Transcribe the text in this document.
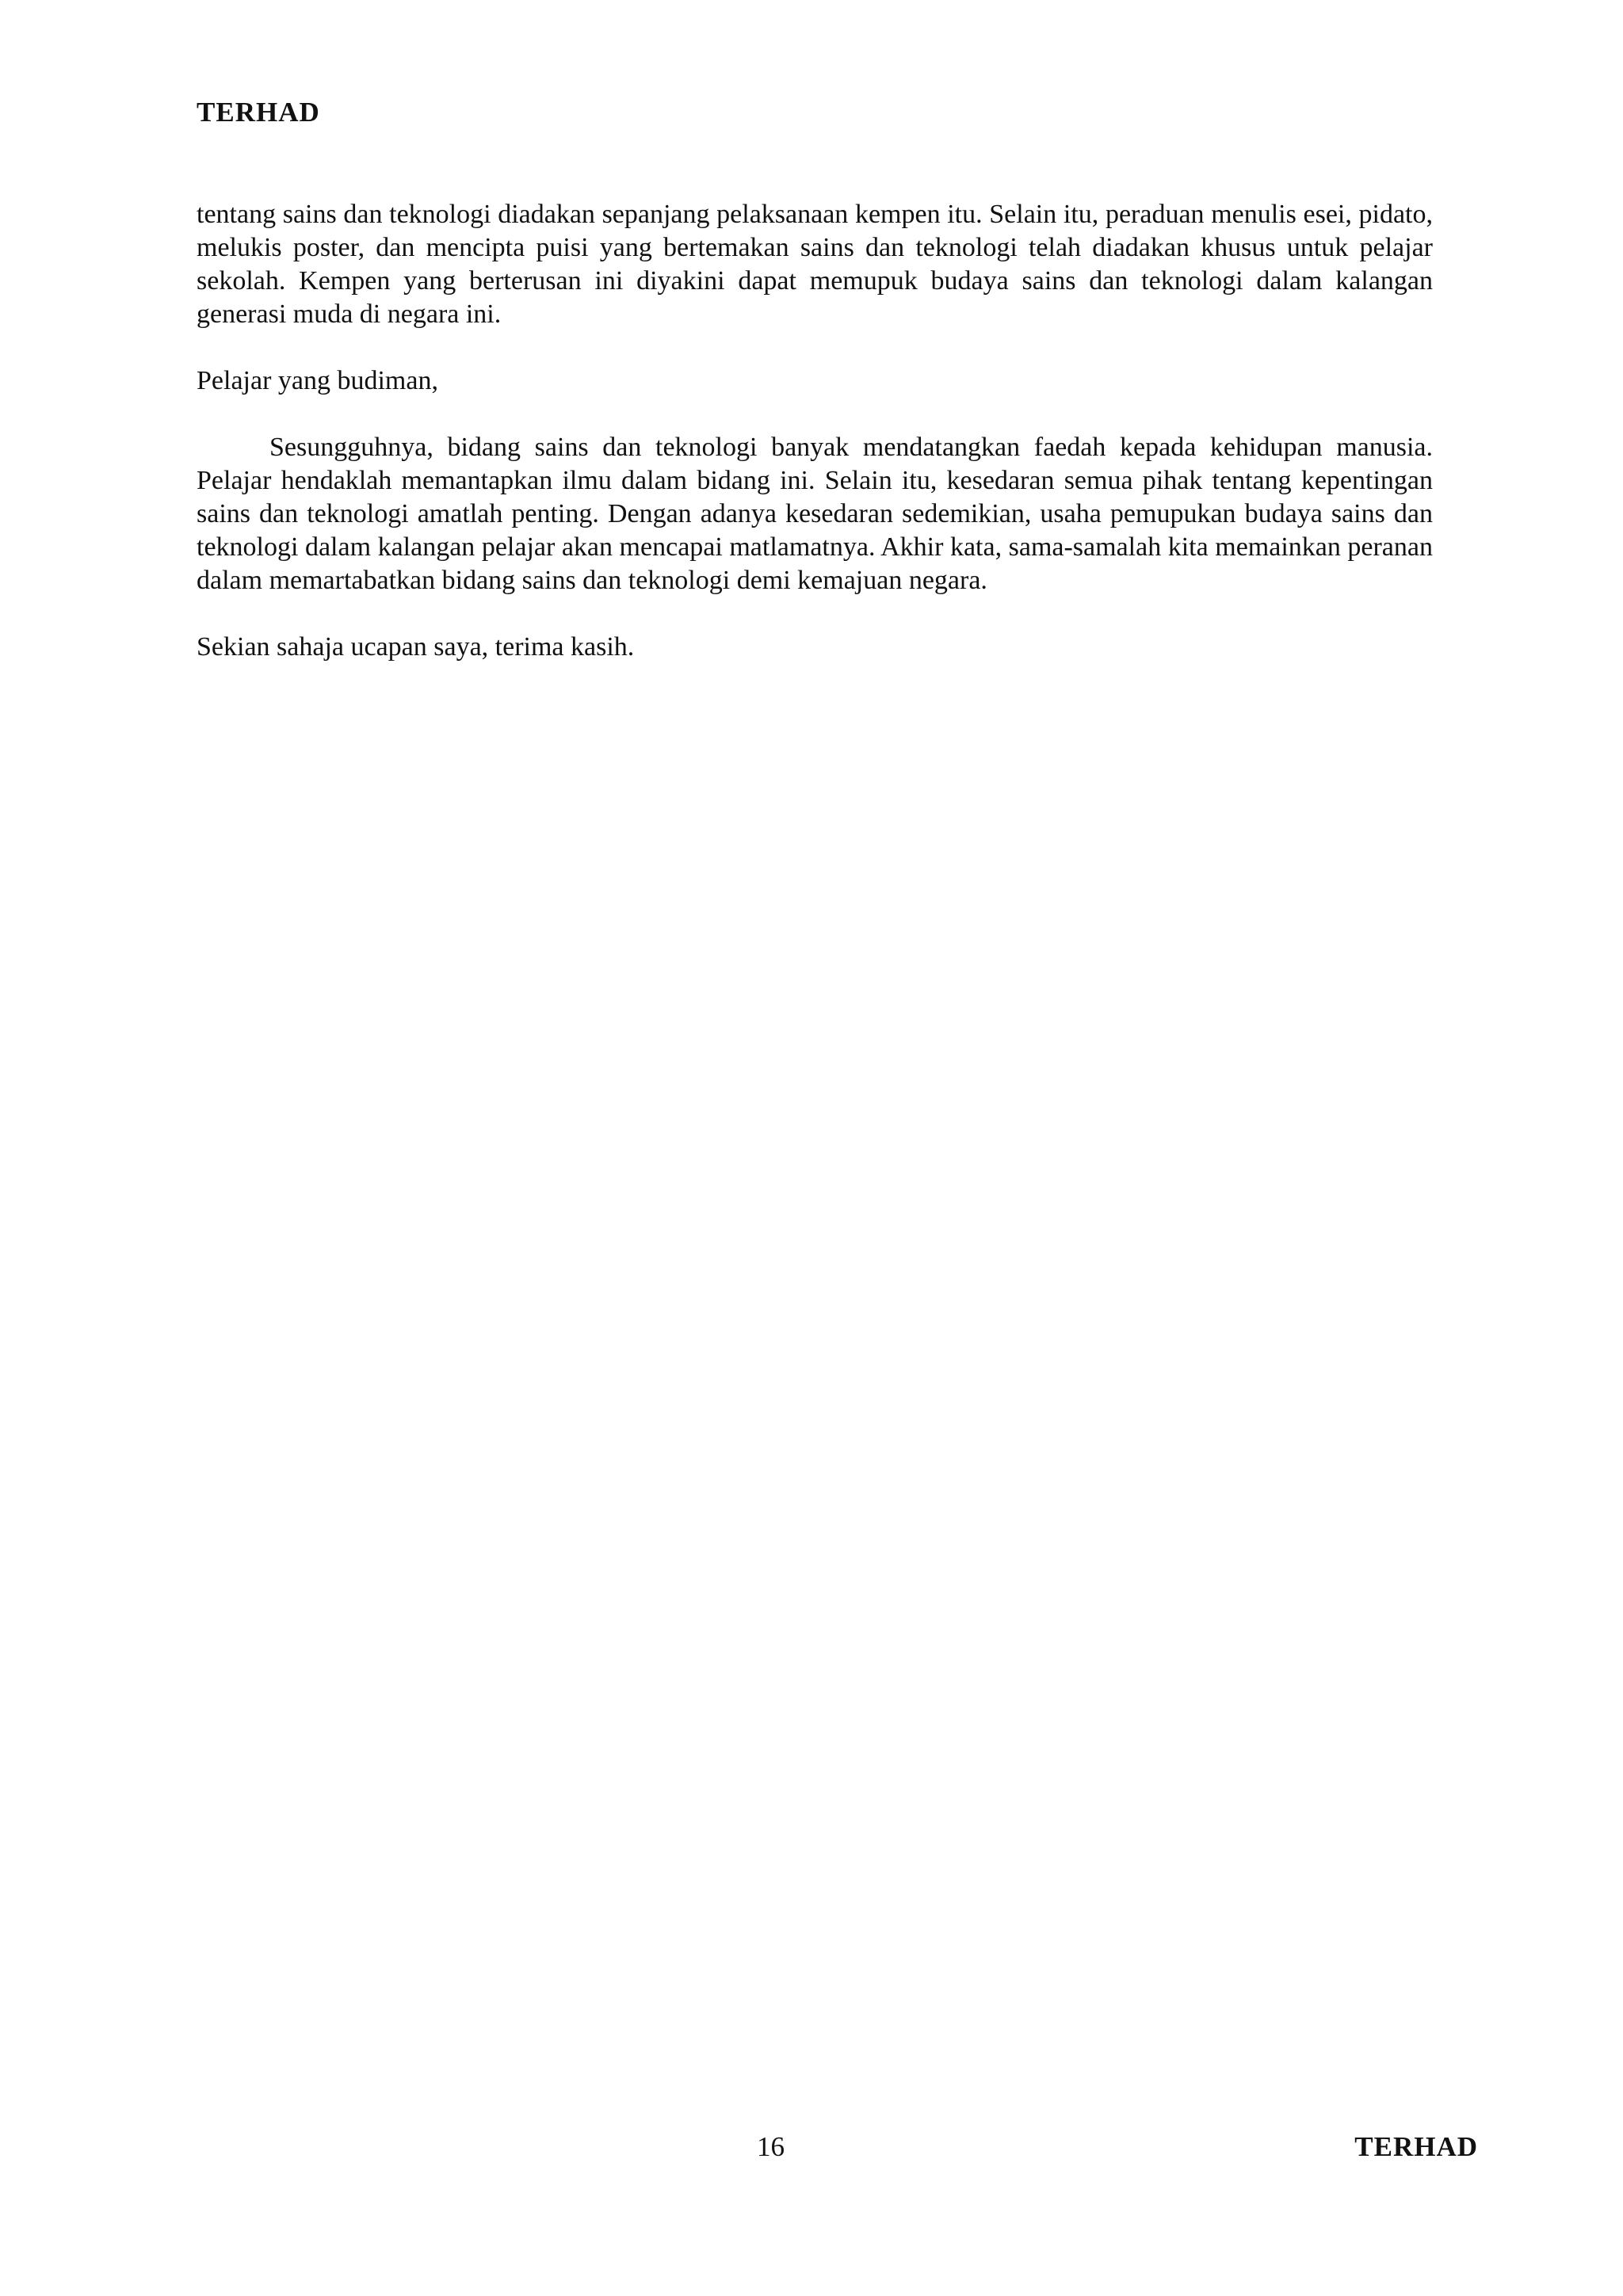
TERHAD

tentang sains dan teknologi diadakan sepanjang pelaksanaan kempen itu. Selain itu, peraduan menulis esei, pidato, melukis poster, dan mencipta puisi yang bertemakan sains dan teknologi telah diadakan khusus untuk pelajar sekolah. Kempen yang berterusan ini diyakini dapat memupuk budaya sains dan teknologi dalam kalangan generasi muda di negara ini.

Pelajar yang budiman,

Sesungguhnya, bidang sains dan teknologi banyak mendatangkan faedah kepada kehidupan manusia. Pelajar hendaklah memantapkan ilmu dalam bidang ini. Selain itu, kesedaran semua pihak tentang kepentingan sains dan teknologi amatlah penting. Dengan adanya kesedaran sedemikian, usaha pemupukan budaya sains dan teknologi dalam kalangan pelajar akan mencapai matlamatnya. Akhir kata, sama-samalah kita memainkan peranan dalam memartabatkan bidang sains dan teknologi demi kemajuan negara.

Sekian sahaja ucapan saya, terima kasih.

16	TERHAD
